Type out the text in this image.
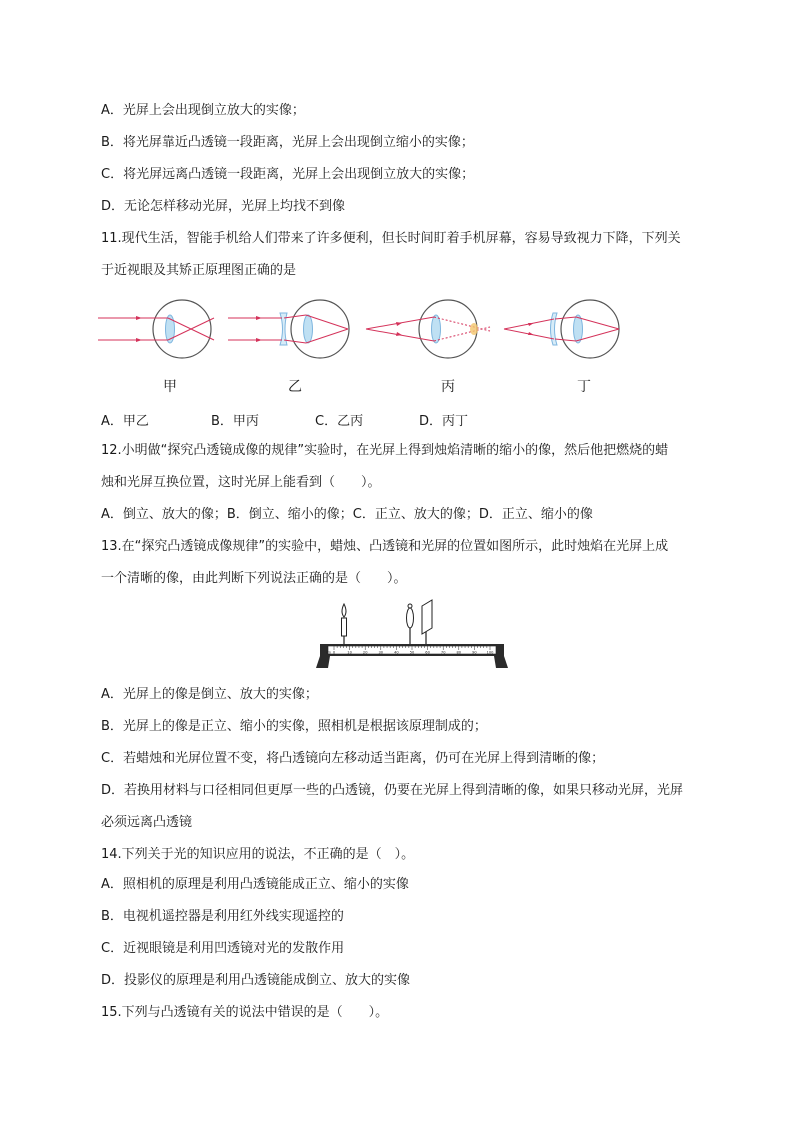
A．光屏上会出现倒立放大的实像；
B．将光屏靠近凸透镜一段距离，光屏上会出现倒立缩小的实像；
C．将光屏远离凸透镜一段距离，光屏上会出现倒立放大的实像；
D．无论怎样移动光屏，光屏上均找不到像
11.现代生活，智能手机给人们带来了许多便利，但长时间盯着手机屏幕，容易导致视力下降，下列关
于近视眼及其矫正原理图正确的是
甲	乙	丙	丁
A．甲乙	B．甲丙	C．乙丙	D．丙丁
12.小明做“探究凸透镜成像的规律”实验时，在光屏上得到烛焰清晰的缩小的像，然后他把燃烧的蜡
烛和光屏互换位置，这时光屏上能看到（　　）。
A．倒立、放大的像；B．倒立、缩小的像；C．正立、放大的像；D．正立、缩小的像
13.在“探究凸透镜成像规律”的实验中，蜡烛、凸透镜和光屏的位置如图所示，此时烛焰在光屏上成
一个清晰的像，由此判断下列说法正确的是（　　）。
0	10	20	30	40	50	60	70	80	90	100
cm
A．光屏上的像是倒立、放大的实像；
B．光屏上的像是正立、缩小的实像，照相机是根据该原理制成的；
C．若蜡烛和光屏位置不变，将凸透镜向左移动适当距离，仍可在光屏上得到清晰的像；
D．若换用材料与口径相同但更厚一些的凸透镜，仍要在光屏上得到清晰的像，如果只移动光屏，光屏
必须远离凸透镜
14.下列关于光的知识应用的说法，不正确的是（　）。
A．照相机的原理是利用凸透镜能成正立、缩小的实像
B．电视机遥控器是利用红外线实现遥控的
C．近视眼镜是利用凹透镜对光的发散作用
D．投影仪的原理是利用凸透镜能成倒立、放大的实像
15.下列与凸透镜有关的说法中错误的是（　　）。
